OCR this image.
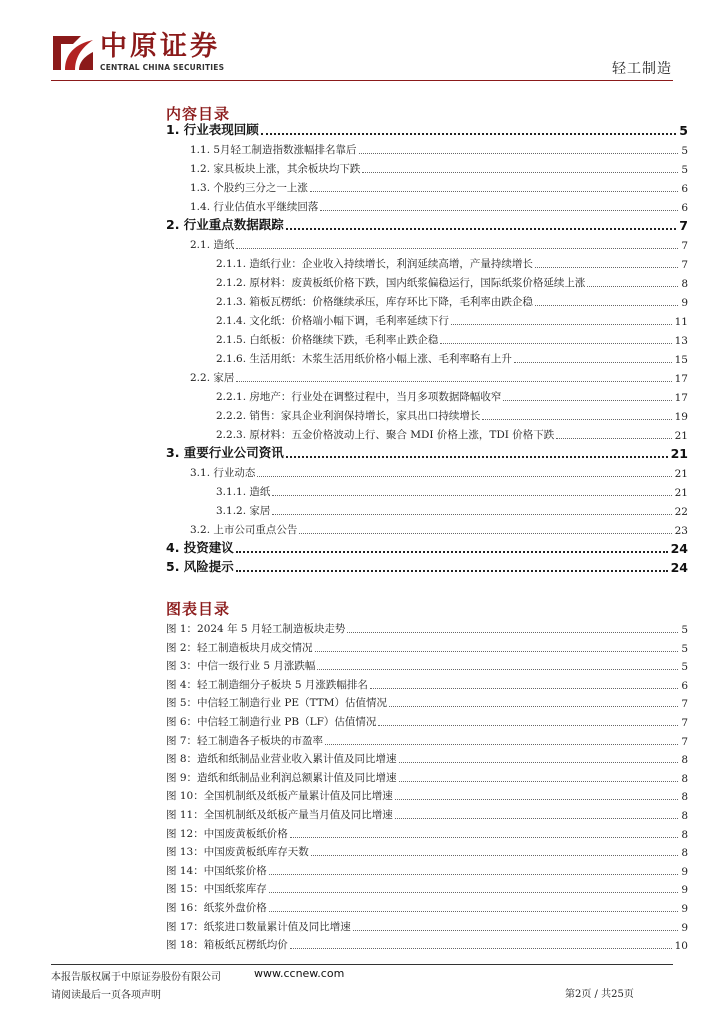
中原证券
CENTRAL CHINA SECURITIES	轻工制造
内容目录
1. 行业表现回顾	5
1.1. 5月轻工制造指数涨幅排名靠后	5
1.2. 家具板块上涨，其余板块均下跌	5
1.3. 个股约三分之一上涨	6
1.4. 行业估值水平继续回落	6
2. 行业重点数据跟踪	7
2.1. 造纸	7
2.1.1. 造纸行业：企业收入持续增长，利润延续高增，产量持续增长	7
2.1.2. 原材料：废黄板纸价格下跌，国内纸浆偏稳运行，国际纸浆价格延续上涨	8
2.1.3. 箱板瓦楞纸：价格继续承压，库存环比下降，毛利率由跌企稳	9
2.1.4. 文化纸：价格端小幅下调，毛利率延续下行	11
2.1.5. 白纸板：价格继续下跌，毛利率止跌企稳	13
2.1.6. 生活用纸：木浆生活用纸价格小幅上涨、毛利率略有上升	15
2.2. 家居	17
2.2.1. 房地产：行业处在调整过程中，当月多项数据降幅收窄	17
2.2.2. 销售：家具企业利润保持增长，家具出口持续增长	19
2.2.3. 原材料：五金价格波动上行、聚合 MDI 价格上涨，TDI 价格下跌	21
3. 重要行业公司资讯	21
3.1. 行业动态	21
3.1.1. 造纸	21
3.1.2. 家居	22
3.2. 上市公司重点公告	23
4. 投资建议	24
5. 风险提示	24
图表目录
图 1：2024 年 5 月轻工制造板块走势	5
图 2：轻工制造板块月成交情况	5
图 3：中信一级行业 5 月涨跌幅	5
图 4：轻工制造细分子板块 5 月涨跌幅排名	6
图 5：中信轻工制造行业 PE（TTM）估值情况	7
图 6：中信轻工制造行业 PB（LF）估值情况	7
图 7：轻工制造各子板块的市盈率	7
图 8：造纸和纸制品业营业收入累计值及同比增速	8
图 9：造纸和纸制品业利润总额累计值及同比增速	8
图 10：全国机制纸及纸板产量累计值及同比增速	8
图 11：全国机制纸及纸板产量当月值及同比增速	8
图 12：中国废黄板纸价格	8
图 13：中国废黄板纸库存天数	8
图 14：中国纸浆价格	9
图 15：中国纸浆库存	9
图 16：纸浆外盘价格	9
图 17：纸浆进口数量累计值及同比增速	9
图 18：箱板纸瓦楞纸均价	10
本报告版权属于中原证券股份有限公司	www.ccnew.com
请阅读最后一页各项声明	第2页 / 共25页
